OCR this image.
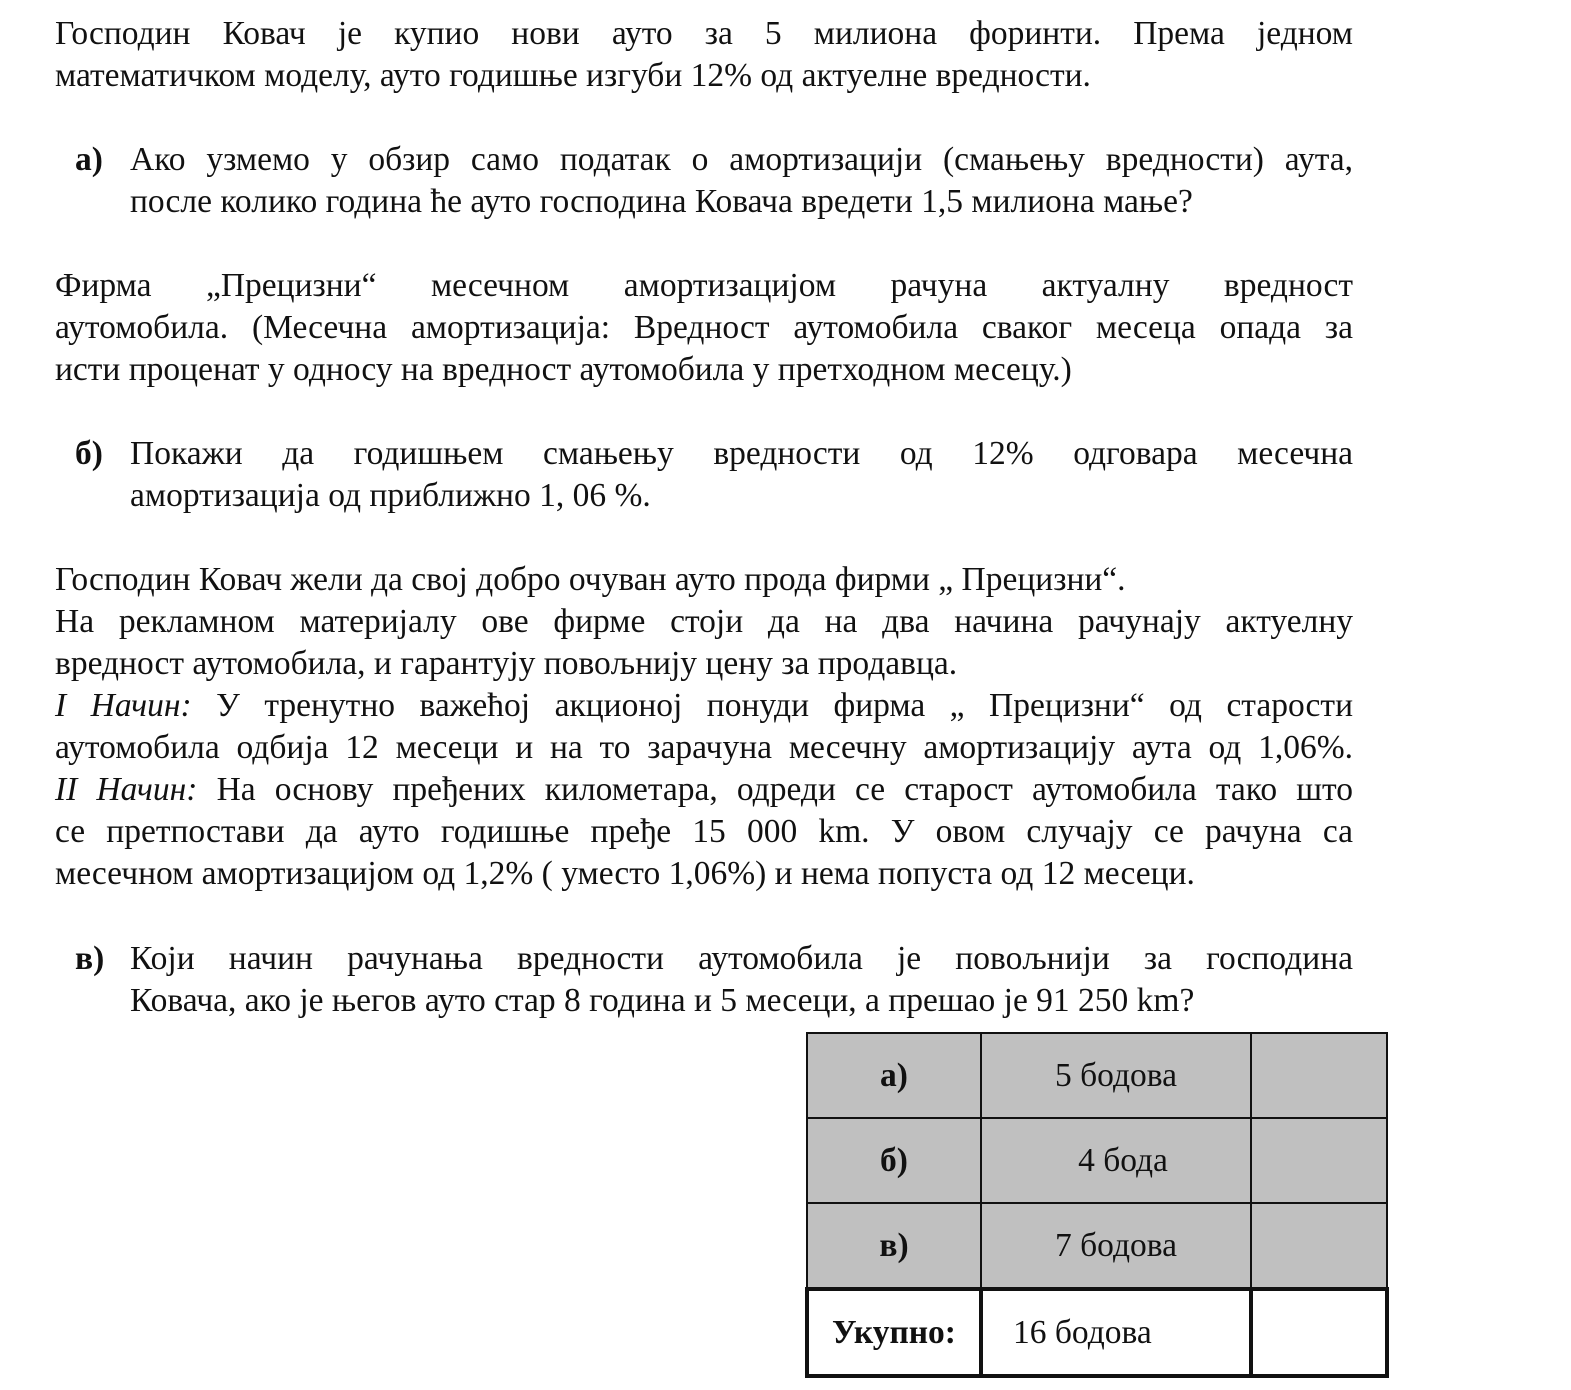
Господин Ковач је купио нови ауто за 5 милиона форинти. Према једном
математичком моделу, ауто годишње изгуби 12% од актуелне вредности.

а) Ако узмемо у обзир само податак о амортизацији (смањењу вредности) аута,
после колико година ће ауто господина Ковача вредети 1,5 милиона мање?

Фирма „Прецизни“ месечном амортизацијом рачуна актуалну вредност
аутомобила. (Месечна амортизација: Вредност аутомобила сваког месеца опада за
исти проценат у односу на вредност аутомобила у претходном месецу.)

б) Покажи да годишњем смањењу вредности од 12% одговара месечна
амортизација од приближно 1, 06 %.

Господин Ковач жели да свој добро очуван ауто прода фирми „ Прецизни“.
На рекламном материјалу ове фирме стоји да на два начина рачунају актуелну
вредност аутомобила, и гарантују повољнију цену за продавца.
I Начин: У тренутно важећој акционој понуди фирма „ Прецизни“ од старости
аутомобила одбија 12 месеци и на то зарачуна месечну амортизацију аута од 1,06%.
II Начин: На основу пређених километара, одреди се старост аутомобила тако што
се претпостави да ауто годишње пређе 15 000 km. У овом случају се рачуна са
месечном амортизацијом од 1,2% ( уместо 1,06%) и нема попуста од 12 месеци.

в) Који начин рачунања вредности аутомобила је повољнији за господина
Ковача, ако је његов ауто стар 8 година и 5 месеци, а прешао је 91 250 km?
а)	5 бодова	
б)	4 бода	
в)	7 бодова	
Укупно:	16 бодова	
